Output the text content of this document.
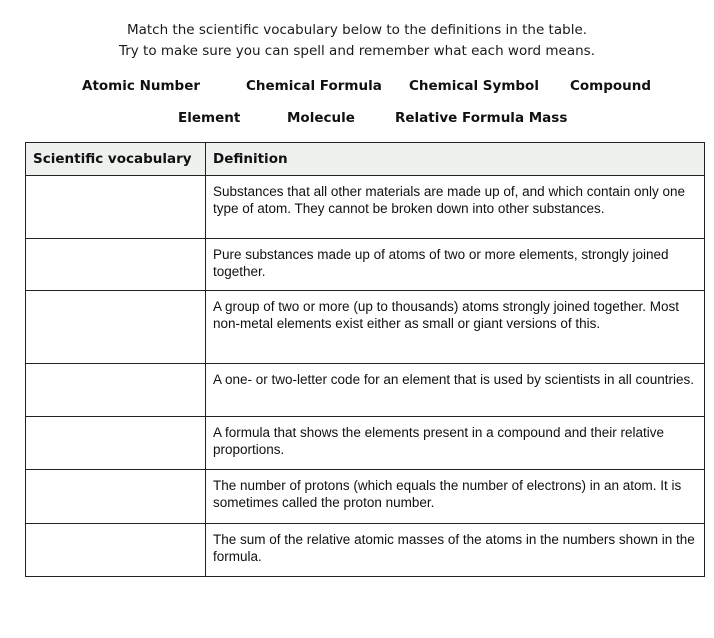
Match the scientific vocabulary below to the definitions in the table.
Try to make sure you can spell and remember what each word means.
Atomic Number	Chemical Formula Chemical Symbol Compound
Element	Molecule	Relative Formula Mass
Scientific vocabulary	Definition
	Substances that all other materials are made up of, and which contain only one type of atom. They cannot be broken down into other substances.
	Pure substances made up of atoms of two or more elements, strongly joined together.
	A group of two or more (up to thousands) atoms strongly joined together. Most non-metal elements exist either as small or giant versions of this.
	A one- or two-letter code for an element that is used by scientists in all countries.
	A formula that shows the elements present in a compound and their relative proportions.
	The number of protons (which equals the number of electrons) in an atom. It is sometimes called the proton number.
	The sum of the relative atomic masses of the atoms in the numbers shown in the formula.
